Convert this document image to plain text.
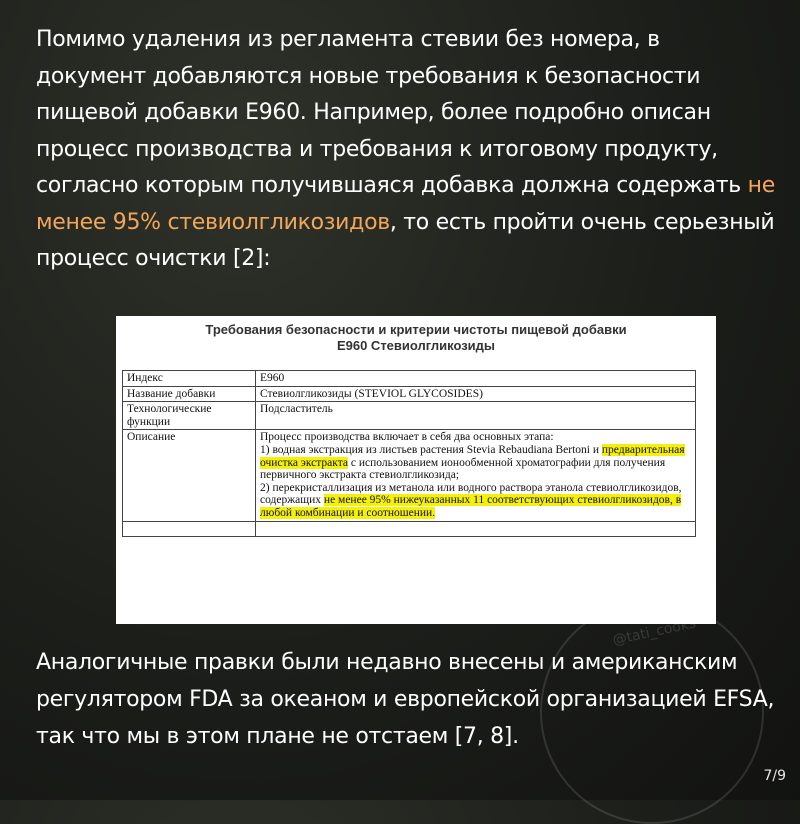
Помимо удаления из регламента стевии без номера, в документ добавляются новые требования к безопасности пищевой добавки Е960. Например, более подробно описан процесс производства и требования к итоговому продукту, согласно которым получившаяся добавка должна содержать не менее 95% стевиолгликозидов, то есть пройти очень серьезный процесс очистки [2]:
Требования безопасности и критерии чистоты пищевой добавки
Е960 Стевиолгликозиды
Индекс	Е960
Название добавки	Стевиолгликозиды (STEVIOL GLYCOSIDES)
Технологические функции	Подсластитель
Описание	Процесс производства включает в себя два основных этапа:
1) водная экстракция из листьев растения Stevia Rebaudiana Bertoni и предварительная очистка экстракта с использованием ионообменной хроматографии для получения первичного экстракта стевиолгликозида;
2) перекристаллизация из метанола или водного раствора этанола стевиолгликозидов, содержащих не менее 95% нижеуказанных 11 соответствующих стевиолгликозидов, в любой комбинации и соотношении.

@tati_cooks
Аналогичные правки были недавно внесены и американским регулятором FDA за океаном и европейской организацией EFSA, так что мы в этом плане не отстаем [7, 8].
7/9
